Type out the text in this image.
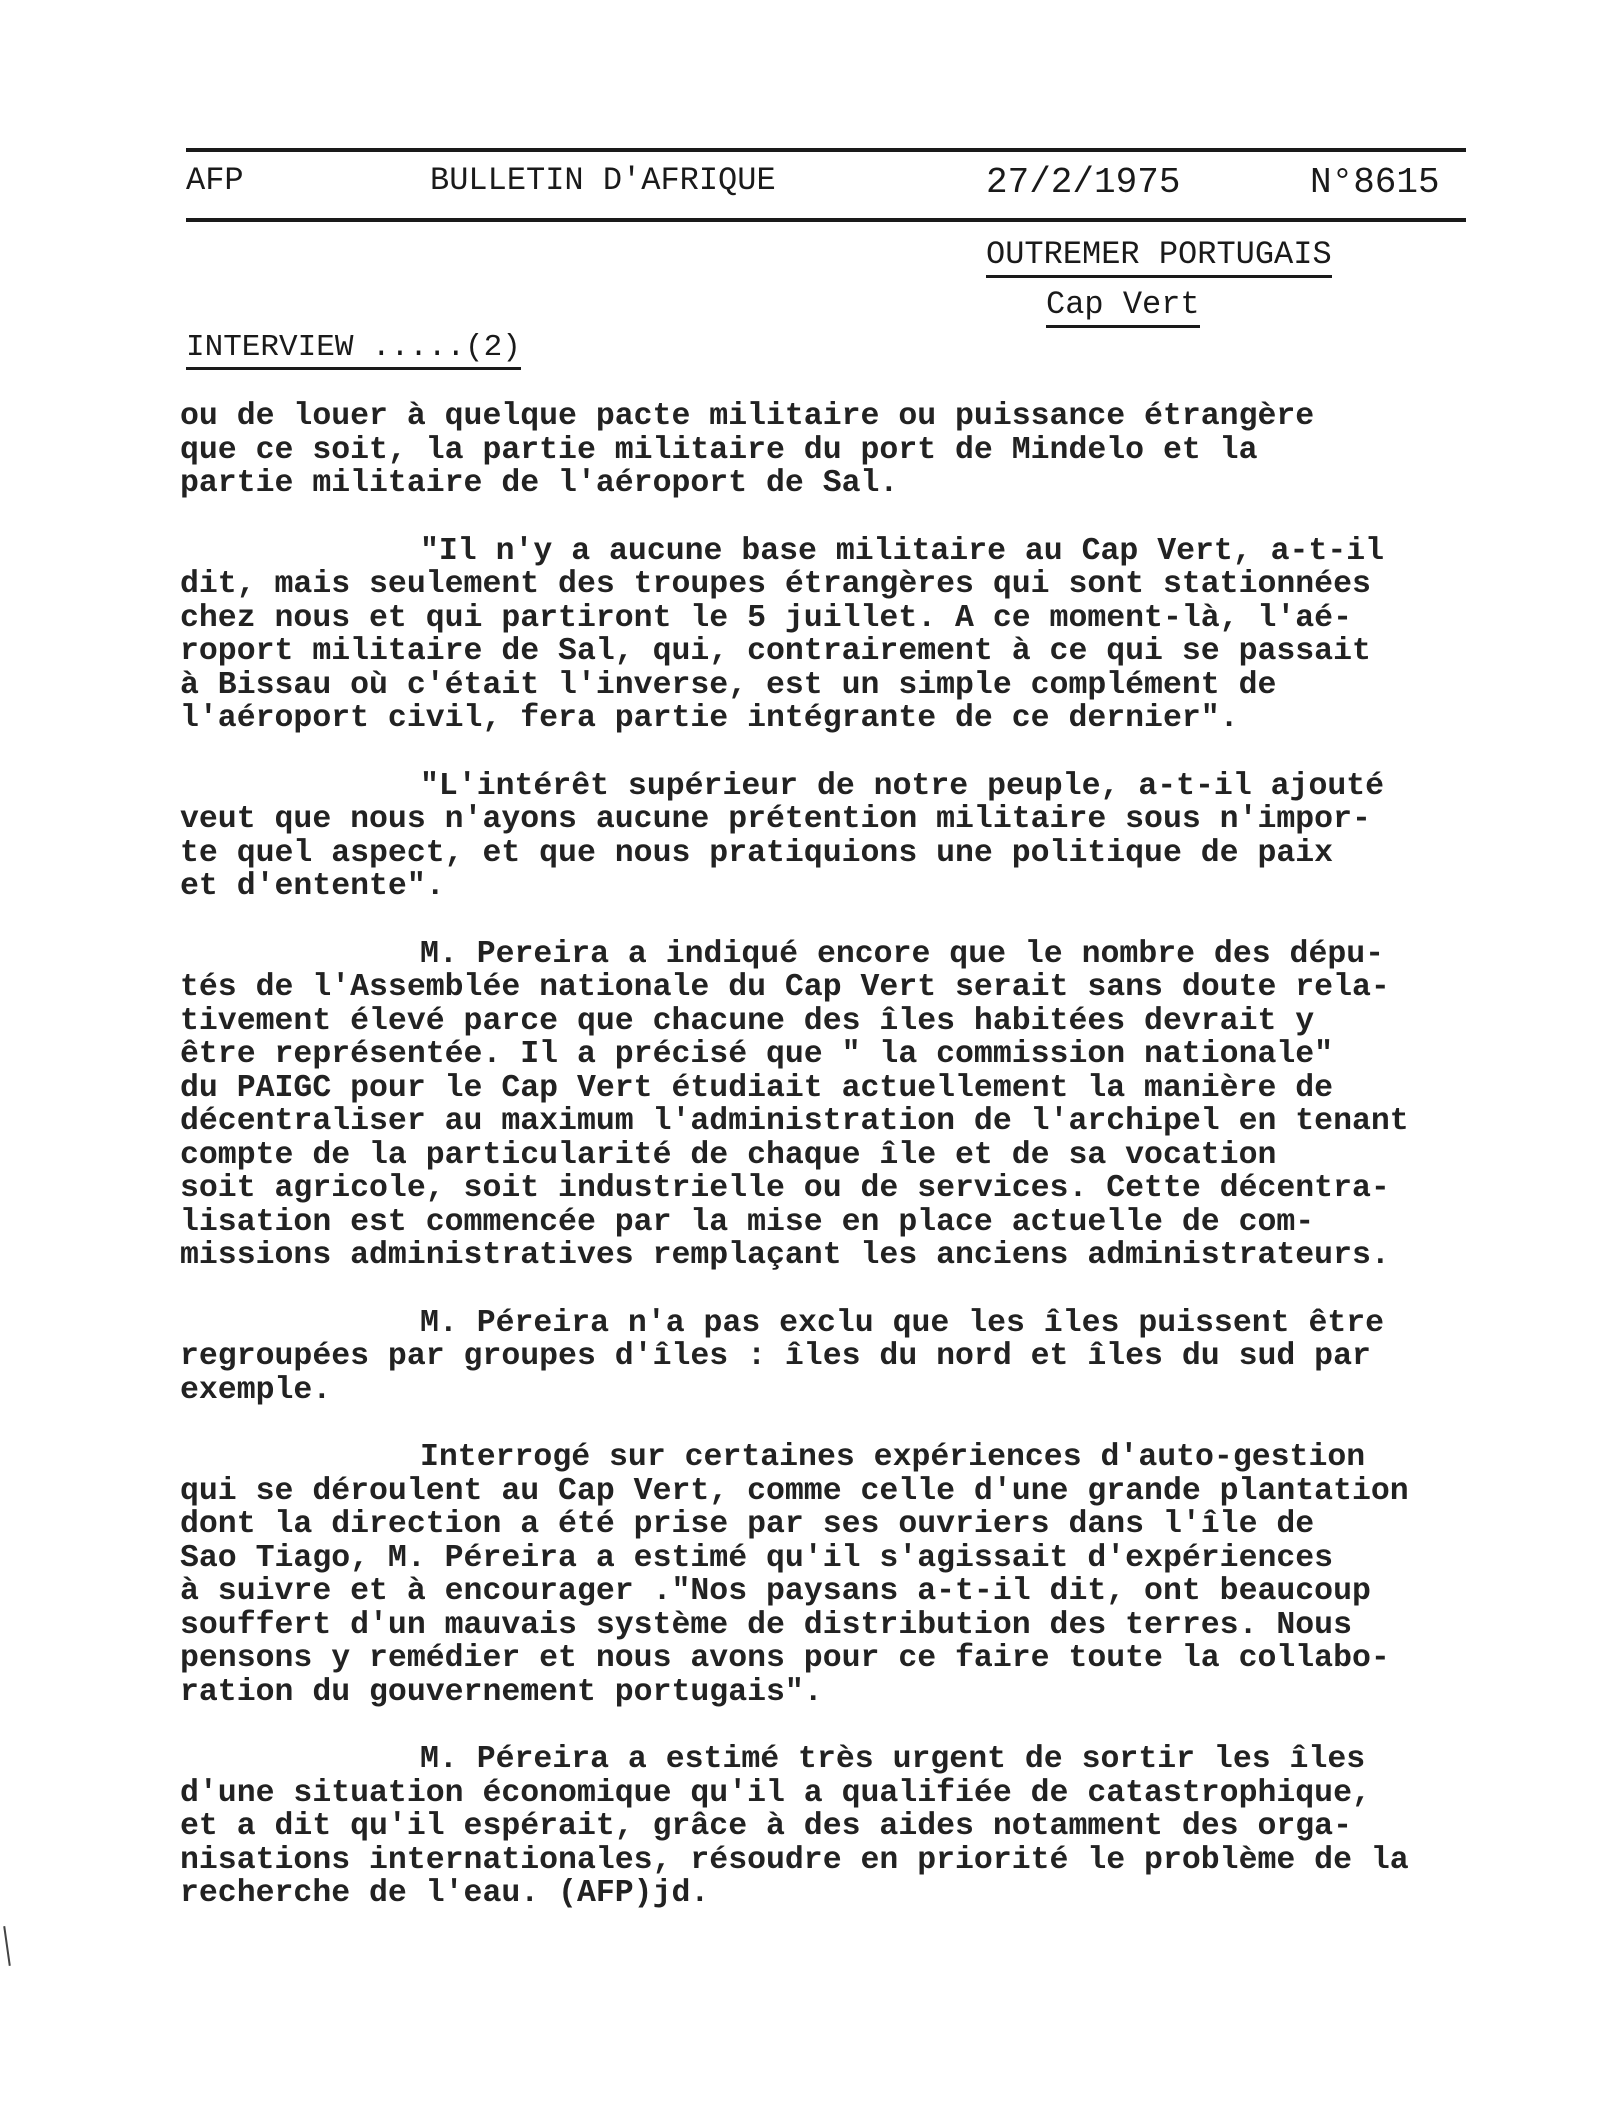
AFP	BULLETIN D'AFRIQUE	27/2/1975	N°8615
OUTREMER PORTUGAIS
Cap Vert
INTERVIEW .....(2)

ou de louer à quelque pacte militaire ou puissance étrangère
que ce soit, la partie militaire du port de Mindelo et la
partie militaire de l'aéroport de Sal.

"Il n'y a aucune base militaire au Cap Vert, a-t-il
dit, mais seulement des troupes étrangères qui sont stationnées
chez nous et qui partiront le 5 juillet. A ce moment-là, l'aé-
roport militaire de Sal, qui, contrairement à ce qui se passait
à Bissau où c'était l'inverse, est un simple complément de
l'aéroport civil, fera partie intégrante de ce dernier".

"L'intérêt supérieur de notre peuple, a-t-il ajouté
veut que nous n'ayons aucune prétention militaire sous n'impor-
te quel aspect, et que nous pratiquions une politique de paix
et d'entente".

M. Pereira a indiqué encore que le nombre des dépu-
tés de l'Assemblée nationale du Cap Vert serait sans doute rela-
tivement élevé parce que chacune des îles habitées devrait y
être représentée. Il a précisé que " la commission nationale"
du PAIGC pour le Cap Vert étudiait actuellement la manière de
décentraliser au maximum l'administration de l'archipel en tenant
compte de la particularité de chaque île et de sa vocation
soit agricole, soit industrielle ou de services. Cette décentra-
lisation est commencée par la mise en place actuelle de com-
missions administratives remplaçant les anciens administrateurs.

M. Péreira n'a pas exclu que les îles puissent être
regroupées par groupes d'îles : îles du nord et îles du sud par
exemple.

Interrogé sur certaines expériences d'auto-gestion
qui se déroulent au Cap Vert, comme celle d'une grande plantation
dont la direction a été prise par ses ouvriers dans l'île de
Sao Tiago, M. Péreira a estimé qu'il s'agissait d'expériences
à suivre et à encourager ."Nos paysans a-t-il dit, ont beaucoup
souffert d'un mauvais système de distribution des terres. Nous
pensons y remédier et nous avons pour ce faire toute la collabo-
ration du gouvernement portugais".

M. Péreira a estimé très urgent de sortir les îles
d'une situation économique qu'il a qualifiée de catastrophique,
et a dit qu'il espérait, grâce à des aides notamment des orga-
nisations internationales, résoudre en priorité le problème de la
recherche de l'eau. (AFP)jd.
